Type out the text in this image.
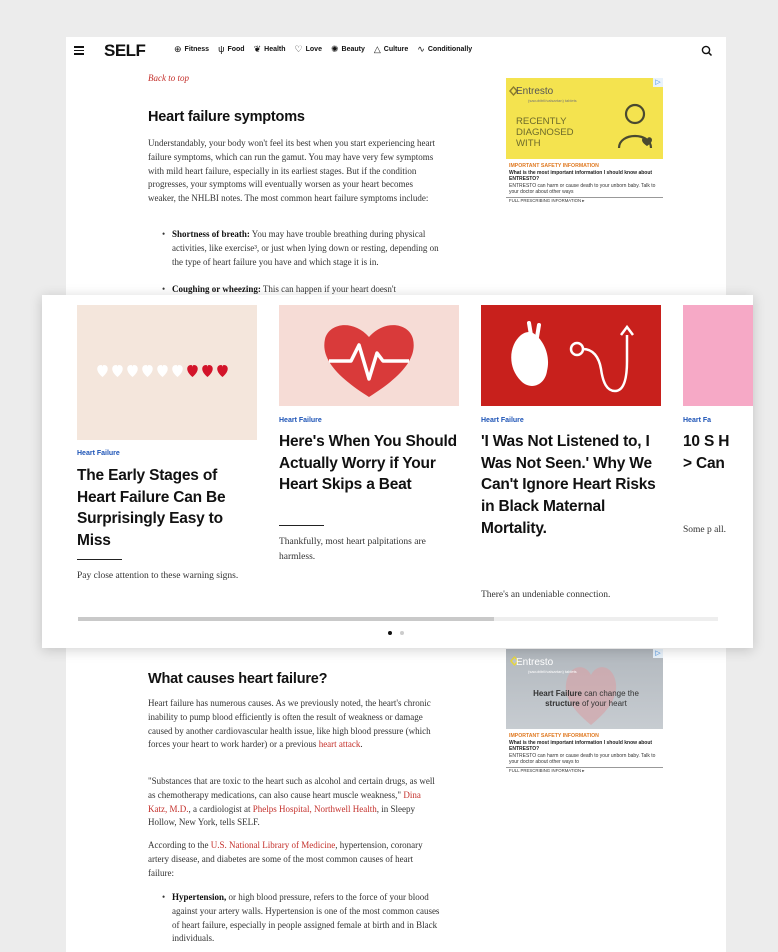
SELF	⊕ Fitness ψ Food ❦ Health ♡ Love ✺ Beauty △ Culture ∿ Conditionally
Back to top
Heart failure symptoms

Understandably, your body won't feel its best when you start experiencing heart failure symptoms, which can run the gamut. You may have very few symptoms with mild heart failure, especially in its earliest stages. But if the condition progresses, your symptoms will eventually worsen as your heart becomes weaker, the NHLBI notes. The most common heart failure symptoms include:

• Shortness of breath: You may have trouble breathing during physical activities, like exercise³, or just when lying down or resting, depending on the type of heart failure you have and which stage it is in.
• Coughing or wheezing: This can happen if your heart doesn't
Entresto
(sacubitril/valsartan) tablets
RECENTLY DIAGNOSED WITH
▷
IMPORTANT SAFETY INFORMATION
What is the most important information I should know about ENTRESTO?
ENTRESTO can harm or cause death to your unborn baby. Talk to your doctor about other ways
FULL PRESCRIBING INFORMATION ▸
What causes heart failure?

Heart failure has numerous causes. As we previously noted, the heart's chronic inability to pump blood efficiently is often the result of weakness or damage caused by another cardiovascular health issue, like high blood pressure (which forces your heart to work harder) or a previous heart attack.

"Substances that are toxic to the heart such as alcohol and certain drugs, as well as chemotherapy medications, can also cause heart muscle weakness," Dina Katz, M.D., a cardiologist at Phelps Hospital, Northwell Health, in Sleepy Hollow, New York, tells SELF.

According to the U.S. National Library of Medicine, hypertension, coronary artery disease, and diabetes are some of the most common causes of heart failure:

• Hypertension, or high blood pressure, refers to the force of your blood against your artery walls. Hypertension is one of the most common causes of heart failure, especially in people assigned female at birth and in Black individuals.
Entresto
(sacubitril/valsartan) tablets
Heart Failure can change the structure of your heart
▷
IMPORTANT SAFETY INFORMATION
What is the most important information I should know about ENTRESTO?
ENTRESTO can harm or cause death to your unborn baby. Talk to your doctor about other ways to
FULL PRESCRIBING INFORMATION ▸
Heart Failure
The Early Stages of Heart Failure Can Be Surprisingly Easy to Miss
Pay close attention to these warning signs.
Heart Failure
Here's When You Should Actually Worry if Your Heart Skips a Beat
Thankfully, most heart palpitations are harmless.
Heart Failure
'I Was Not Listened to, I Was Not Seen.' Why We Can't Ignore Heart Risks in Black Maternal Mortality.
There's an undeniable connection.
Heart Fa
10 S H > Can
Some p all.
